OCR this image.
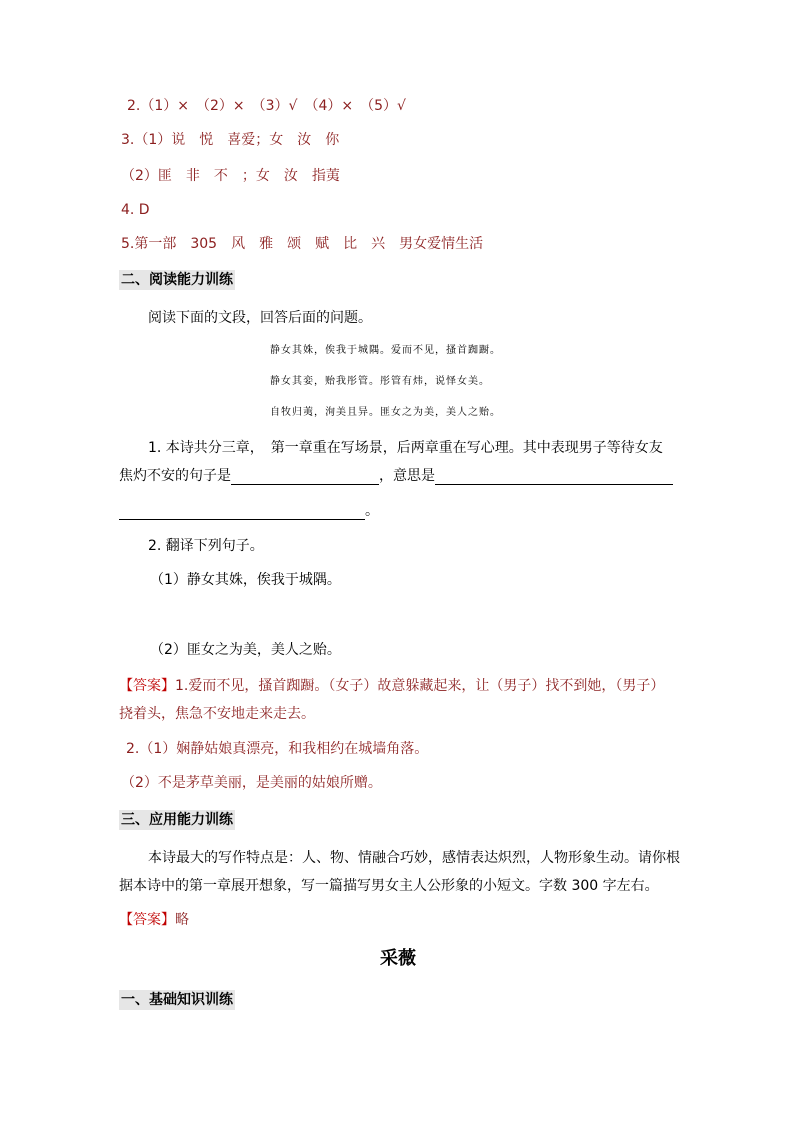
2.（1）×　（2）×　（3）√　（4）×　（5）√
3.（1）说　悦　喜爱；女　汝　你
（2）匪　非　不　；女　汝　指荑
4. D
5.第一部　305　风　雅　颂　赋　比　兴　男女爱情生活
二、阅读能力训练
阅读下面的文段，回答后面的问题。
静女其姝，俟我于城隅。爱而不见，搔首踟蹰。
静女其娈，贻我彤管。彤管有炜，说怿女美。
自牧归荑，洵美且异。匪女之为美，美人之贻。
1. 本诗共分三章，　第一章重在写场景，后两章重在写心理。其中表现男子等待女友
焦灼不安的句子是	，意思是
。
2. 翻译下列句子。
（1）静女其姝，俟我于城隅。
（2）匪女之为美，美人之贻。
【答案】1.爱而不见，搔首踟蹰。（女子）故意躲藏起来，让（男子）找不到她，（男子）
挠着头，焦急不安地走来走去。
2.（1）娴静姑娘真漂亮，和我相约在城墙角落。
（2）不是茅草美丽，是美丽的姑娘所赠。
三、应用能力训练
本诗最大的写作特点是：人、物、情融合巧妙，感情表达炽烈，人物形象生动。请你根
据本诗中的第一章展开想象，写一篇描写男女主人公形象的小短文。字数 300 字左右。
【答案】略
采薇
一、基础知识训练
